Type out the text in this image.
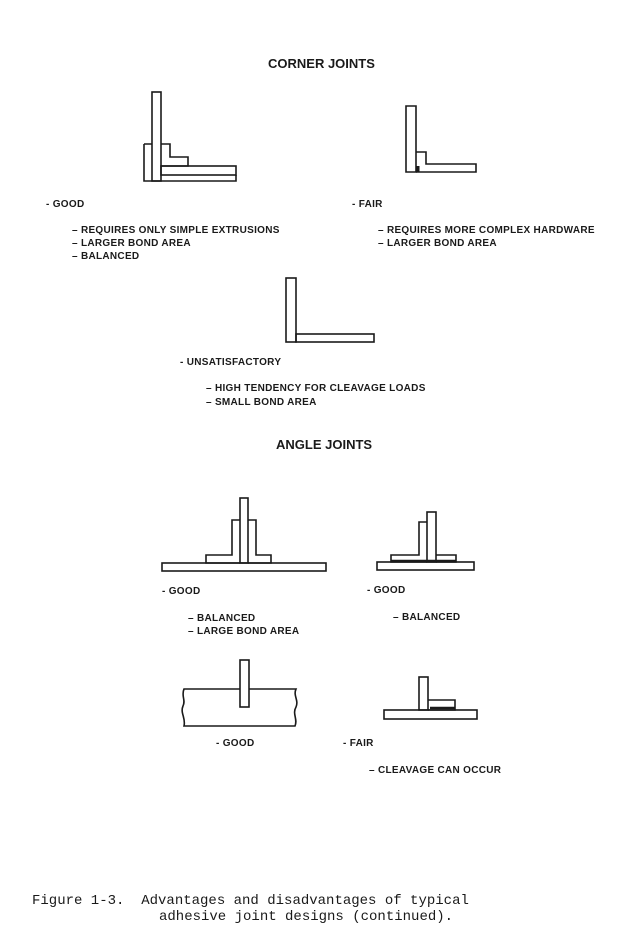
CORNER JOINTS
- GOOD
– REQUIRES ONLY SIMPLE EXTRUSIONS
– LARGER BOND AREA
– BALANCED
- FAIR
– REQUIRES MORE COMPLEX HARDWARE
– LARGER BOND AREA
- UNSATISFACTORY
– HIGH TENDENCY FOR CLEAVAGE LOADS
– SMALL BOND AREA
ANGLE JOINTS
- GOOD
– BALANCED
– LARGE BOND AREA
- GOOD
– BALANCED
- GOOD	- FAIR
– CLEAVAGE CAN OCCUR
Figure 1-3.  Advantages and disadvantages of typical
adhesive joint designs (continued).
